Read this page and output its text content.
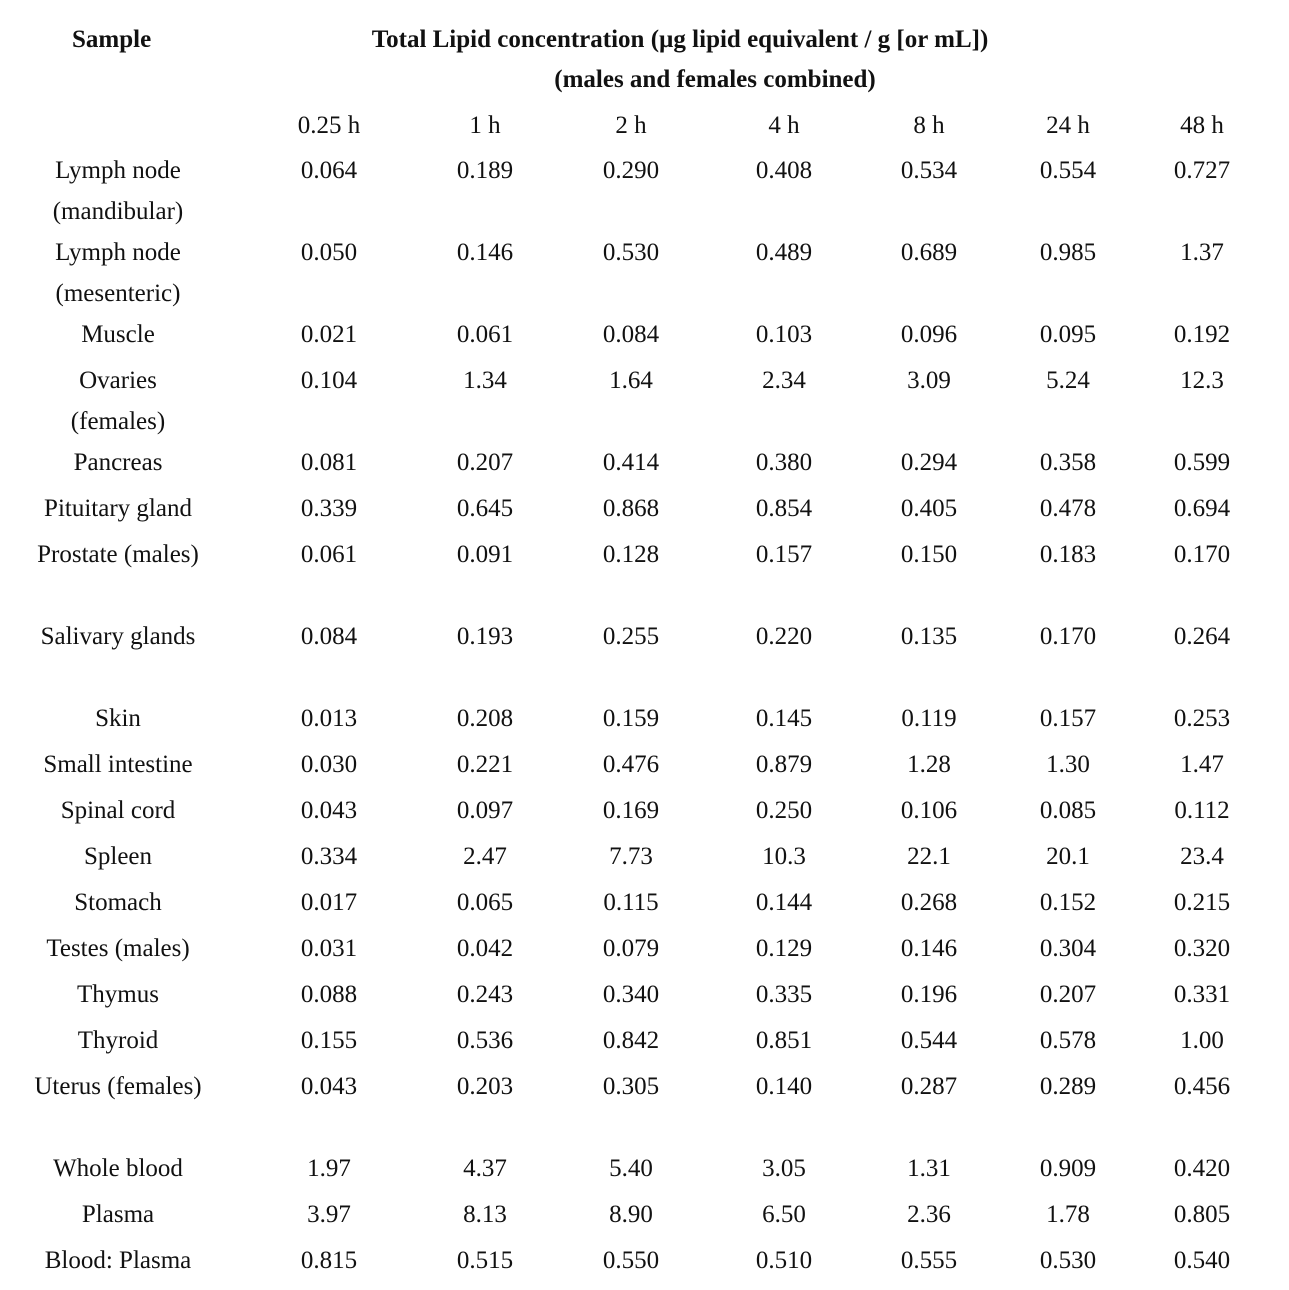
Sample	Total Lipid concentration (µg lipid equivalent / g [or mL])
(males and females combined)
	0.25 h	1 h	2 h	4 h	8 h	24 h	48 h

Lymph node (mandibular)	0.064	0.189	0.290	0.408	0.534	0.554	0.727

Lymph node (mesenteric)	0.050	0.146	0.530	0.489	0.689	0.985	1.37

Muscle	0.021	0.061	0.084	0.103	0.096	0.095	0.192

Ovaries (females)	0.104	1.34	1.64	2.34	3.09	5.24	12.3

Pancreas	0.081	0.207	0.414	0.380	0.294	0.358	0.599

Pituitary gland	0.339	0.645	0.868	0.854	0.405	0.478	0.694

Prostate (males)	0.061	0.091	0.128	0.157	0.150	0.183	0.170

Salivary glands	0.084	0.193	0.255	0.220	0.135	0.170	0.264

Skin	0.013	0.208	0.159	0.145	0.119	0.157	0.253

Small intestine	0.030	0.221	0.476	0.879	1.28	1.30	1.47

Spinal cord	0.043	0.097	0.169	0.250	0.106	0.085	0.112

Spleen	0.334	2.47	7.73	10.3	22.1	20.1	23.4

Stomach	0.017	0.065	0.115	0.144	0.268	0.152	0.215

Testes (males)	0.031	0.042	0.079	0.129	0.146	0.304	0.320

Thymus	0.088	0.243	0.340	0.335	0.196	0.207	0.331

Thyroid	0.155	0.536	0.842	0.851	0.544	0.578	1.00

Uterus (females)	0.043	0.203	0.305	0.140	0.287	0.289	0.456

Whole blood	1.97	4.37	5.40	3.05	1.31	0.909	0.420

Plasma	3.97	8.13	8.90	6.50	2.36	1.78	0.805

Blood: Plasma	0.815	0.515	0.550	0.510	0.555	0.530	0.540
